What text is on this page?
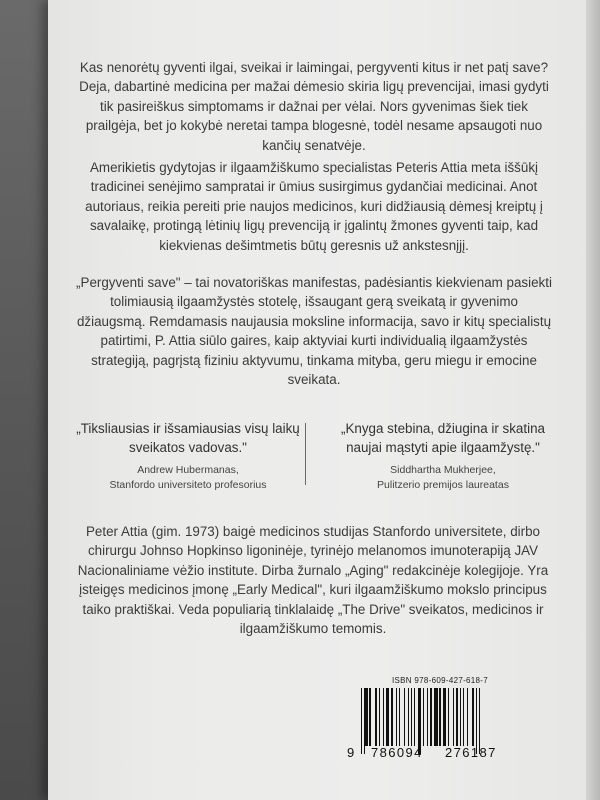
Kas nenorėtų gyventi ilgai, sveikai ir laimingai, pergyventi kitus ir net patį save? Deja, dabartinė medicina per mažai dėmesio skiria ligų prevencijai, imasi gydyti tik pasireiškus simptomams ir dažnai per vėlai. Nors gyvenimas šiek tiek prailgėja, bet jo kokybė neretai tampa blogesnė, todėl nesame apsaugoti nuo kančių senatvėje.

Amerikietis gydytojas ir ilgaamžiškumo specialistas Peteris Attia meta iššūkį tradicinei senėjimo sampratai ir ūmius susirgimus gydančiai medicinai. Anot autoriaus, reikia pereiti prie naujos medicinos, kuri didžiausią dėmesį kreiptų į savalaikę, protingą lėtinių ligų prevenciją ir įgalintų žmones gyventi taip, kad kiekvienas dešimtmetis būtų geresnis už ankstesnįjį.

„Pergyventi save" – tai novatoriškas manifestas, padėsiantis kiekvienam pasiekti tolimiausią ilgaamžystės stotelę, išsaugant gerą sveikatą ir gyvenimo džiaugsmą. Remdamasis naujausia moksline informacija, savo ir kitų specialistų patirtimi, P. Attia siūlo gaires, kaip aktyviai kurti individualią ilgaamžystės strategiją, pagrįstą fiziniu aktyvumu, tinkama mityba, geru miegu ir emocine sveikata.

„Tiksliausias ir išsamiausias visų laikų sveikatos vadovas."

Andrew Hubermanas,

Stanfordo universiteto profesorius

„Knyga stebina, džiugina ir skatina naujai mąstyti apie ilgaamžystę."

Siddhartha Mukherjee,

Pulitzerio premijos laureatas

Peter Attia (gim. 1973) baigė medicinos studijas Stanfordo universitete, dirbo chirurgu Johnso Hopkinso ligoninėje, tyrinėjo melanomos imunoterapiją JAV Nacionaliniame vėžio institute. Dirba žurnalo „Aging" redakcinėje kolegijoje. Yra įsteigęs medicinos įmonę „Early Medical", kuri ilgaamžiškumo mokslo principus taiko praktiškai. Veda populiarią tinklalaidę „The Drive" sveikatos, medicinos ir ilgaamžiškumo temomis.

ISBN 978-609-427-618-7
9 786094 276187
